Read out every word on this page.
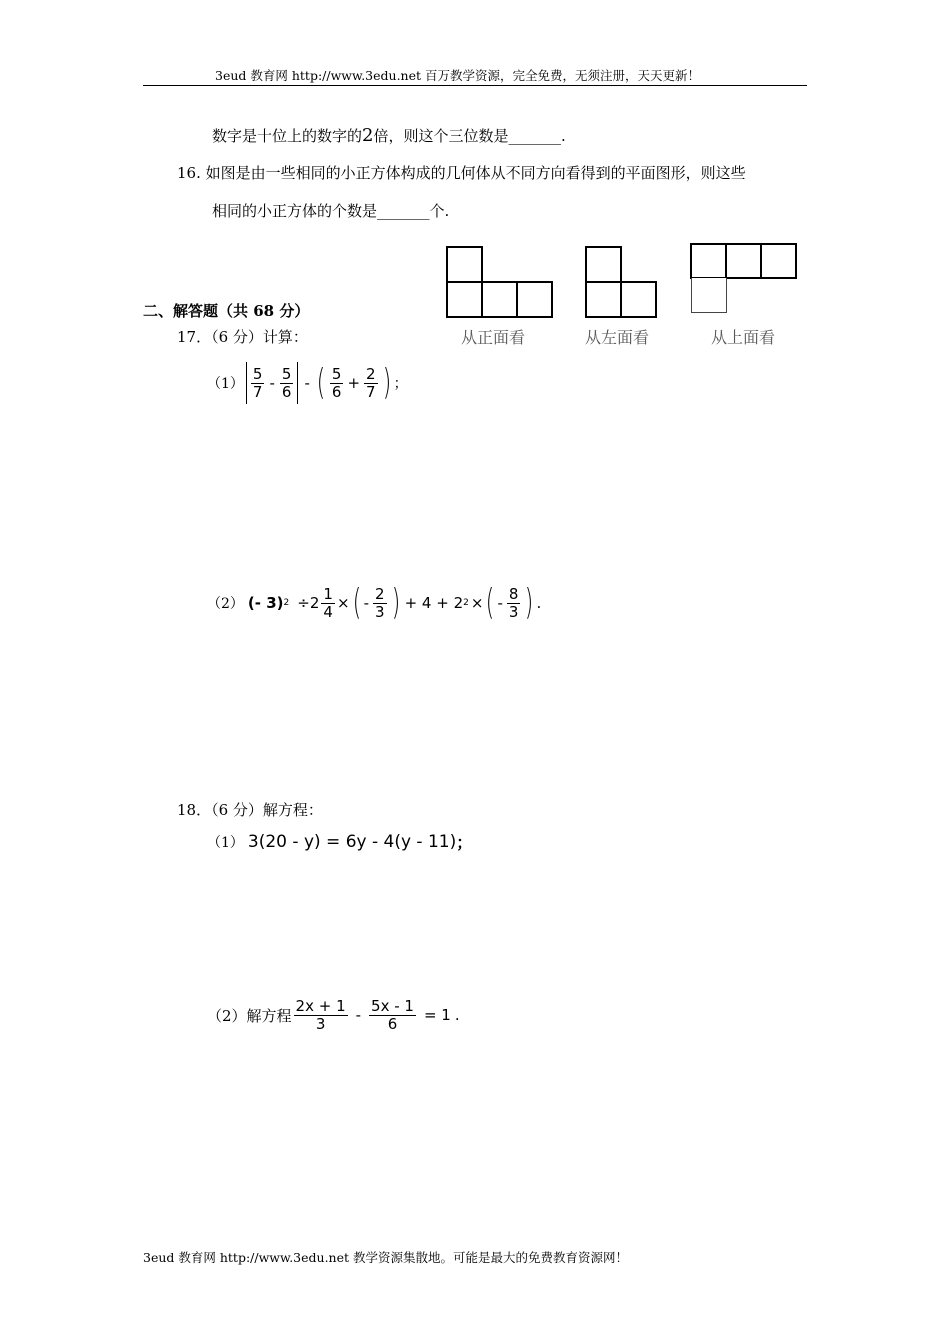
3eud 教育网 http://www.3edu.net 百万教学资源，完全免费，无须注册，天天更新！
数字是十位上的数字的2倍，则这个三位数是_______.
16. 如图是由一些相同的小正方体构成的几何体从不同方向看得到的平面图形，则这些
相同的小正方体的个数是_______个.
从正面看	从左面看	从上面看
二、解答题（共 68 分）
17．（6 分）计算：
$(1) \frac{5}{7} - \frac{5}{6}$ - ( $\frac{5}{6} + \frac{2}{7}$ ) ；
（2） (- 3) $2 \div 2 \frac{1}{4}$ × ( - $\frac{2}{3}$ ) + 4 + 2 2 × ( - $\frac{8}{3}$ ) .
18．（6 分）解方程：
（1） 3(20 - y) = 6y - 4(y - 11) ；
（2）解方程 $\frac{2x + 1}{3} - \frac{5x - 1}{6} = 1$ .
3eud 教育网 http://www.3edu.net 教学资源集散地。可能是最大的免费教育资源网！
